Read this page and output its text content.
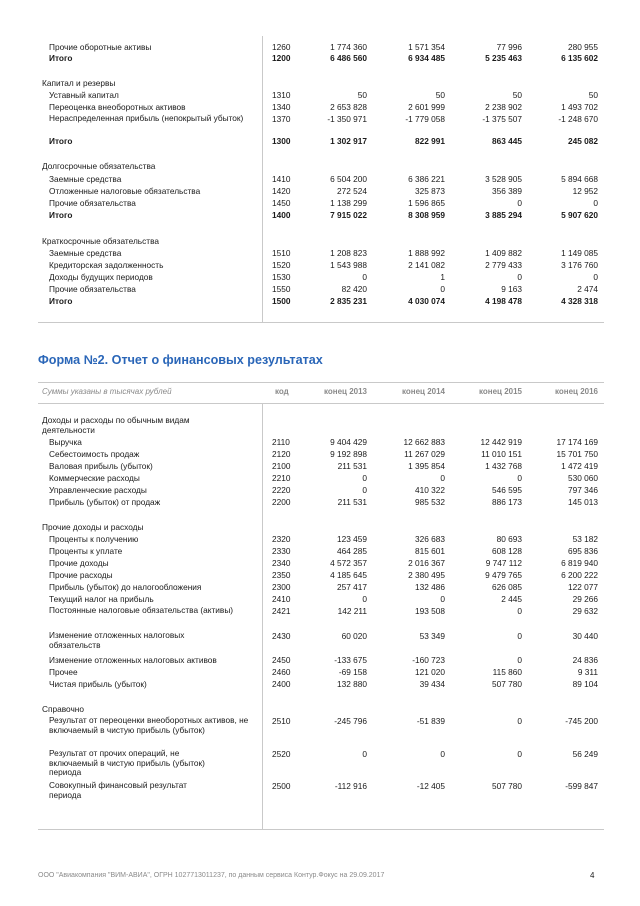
Прочие оборотные активы	1260	1 774 360	1 571 354	77 996	280 955
Итого	1200	6 486 560	6 934 485	5 235 463	6 135 602
Капитал и резервы
Уставный капитал	1310	50	50	50	50
Переоценка внеоборотных активов	1340	2 653 828	2 601 999	2 238 902	1 493 702
Нераспределенная прибыль (непокрытый убыток)	1370	-1 350 971	-1 779 058	-1 375 507	-1 248 670
Итого	1300	1 302 917	822 991	863 445	245 082
Долгосрочные обязательства
Заемные средства	1410	6 504 200	6 386 221	3 528 905	5 894 668
Отложенные налоговые обязательства	1420	272 524	325 873	356 389	12 952
Прочие обязательства	1450	1 138 299	1 596 865	0	0
Итого	1400	7 915 022	8 308 959	3 885 294	5 907 620
Краткосрочные обязательства
Заемные средства	1510	1 208 823	1 888 992	1 409 882	1 149 085
Кредиторская задолженность	1520	1 543 988	2 141 082	2 779 433	3 176 760
Доходы будущих периодов	1530	0	1	0	0
Прочие обязательства	1550	82 420	0	9 163	2 474
Итого	1500	2 835 231	4 030 074	4 198 478	4 328 318
Форма №2. Отчет о финансовых результатах
Суммы указаны в тысячах рублей	код	конец 2013	конец 2014	конец 2015	конец 2016
Доходы и расходы по обычным видам деятельности
Выручка	2110	9 404 429	12 662 883	12 442 919	17 174 169
Себестоимость продаж	2120	9 192 898	11 267 029	11 010 151	15 701 750
Валовая прибыль (убыток)	2100	211 531	1 395 854	1 432 768	1 472 419
Коммерческие расходы	2210	0	0	0	530 060
Управленческие расходы	2220	0	410 322	546 595	797 346
Прибыль (убыток) от продаж	2200	211 531	985 532	886 173	145 013
Прочие доходы и расходы
Проценты к получению	2320	123 459	326 683	80 693	53 182
Проценты к уплате	2330	464 285	815 601	608 128	695 836
Прочие доходы	2340	4 572 357	2 016 367	9 747 112	6 819 940
Прочие расходы	2350	4 185 645	2 380 495	9 479 765	6 200 222
Прибыль (убыток) до налогообложения	2300	257 417	132 486	626 085	122 077
Текущий налог на прибыль	2410	0	0	2 445	29 266
Постоянные налоговые обязательства (активы)	2421	142 211	193 508	0	29 632
Изменение отложенных налоговых обязательств
2430	60 020	53 349	0	30 440
Изменение отложенных налоговых активов	2450	-133 675	-160 723	0	24 836
Прочее	2460	-69 158	121 020	115 860	9 311
Чистая прибыль (убыток)	2400	132 880	39 434	507 780	89 104
Справочно
Результат от переоценки внеоборотных активов, не включаемый в чистую прибыль (убыток)
2510	-245 796	-51 839	0	-745 200
Результат от прочих операций, не включаемый в чистую прибыль (убыток) периода
2520	0	0	0	56 249
Совокупный финансовый результат периода
2500	-112 916	-12 405	507 780	-599 847
ООО "Авиакомпания "ВИМ-АВИА", ОГРН 1027713011237, по данным сервиса Контур.Фокус на 29.09.2017	4
